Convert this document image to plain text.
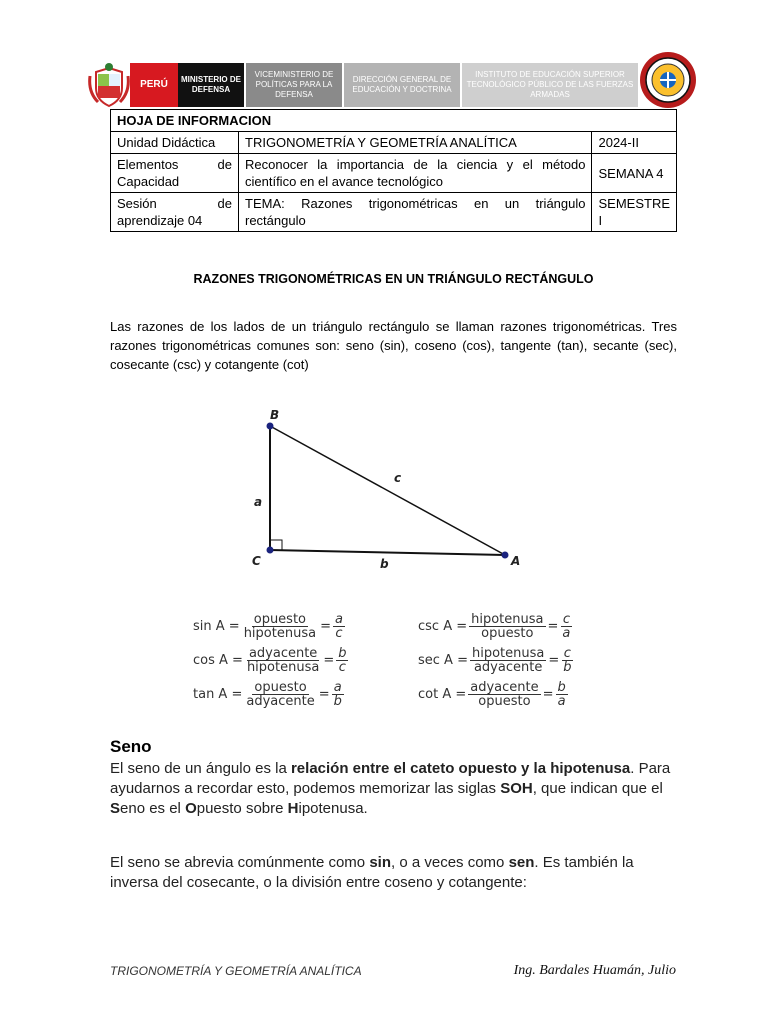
PERÚ	MINISTERIO DE DEFENSA
VICEMINISTERIO DE POLÍTICAS PARA LA DEFENSA
DIRECCIÓN GENERAL DE EDUCACIÓN Y DOCTRINA
INSTITUTO DE EDUCACIÓN SUPERIOR TECNOLÓGICO PÚBLICO DE LAS FUERZAS ARMADAS
HOJA DE INFORMACION		
Unidad Didáctica	TRIGONOMETRÍA Y GEOMETRÍA ANALÍTICA	2024-II
Elementos de Capacidad	Reconocer la importancia de la ciencia y el método científico en el avance tecnológico	SEMANA 4
Sesión de aprendizaje 04	TEMA: Razones trigonométricas en un triángulo rectángulo	SEMESTRE I
RAZONES TRIGONOMÉTRICAS EN UN TRIÁNGULO RECTÁNGULO
Las razones de los lados de un triángulo rectángulo se llaman razones trigonométricas. Tres razones trigonométricas comunes son: seno (sin), coseno (cos), tangente (tan), secante (sec), cosecante (csc) y cotangente (cot)
B
C	A
a
b
c
$\sin A = \frac{\text{opuesto}}{\text{hipotenusa}} = \frac{a}{c}$
$\cos A = \frac{\text{adyacente}}{\text{hipotenusa}} = \frac{b}{c}$
$\tan A = \frac{\text{opuesto}}{\text{adyacente}} = \frac{a}{b}$
$\csc A = \frac{\text{hipotenusa}}{\text{opuesto}} = \frac{c}{a}$
$\sec A = \frac{\text{hipotenusa}}{\text{adyacente}} = \frac{c}{b}$
$\cot A = \frac{\text{adyacente}}{\text{opuesto}} = \frac{b}{a}$
Seno
El seno de un ángulo es la relación entre el cateto opuesto y la hipotenusa. Para ayudarnos a recordar esto, podemos memorizar las siglas SOH, que indican que el Seno es el Opuesto sobre Hipotenusa.
El seno se abrevia comúnmente como sin, o a veces como sen. Es también la inversa del cosecante, o la división entre coseno y cotangente:
TRIGONOMETRÍA Y GEOMETRÍA ANALÍTICA	Ing. Bardales Huamán, Julio
